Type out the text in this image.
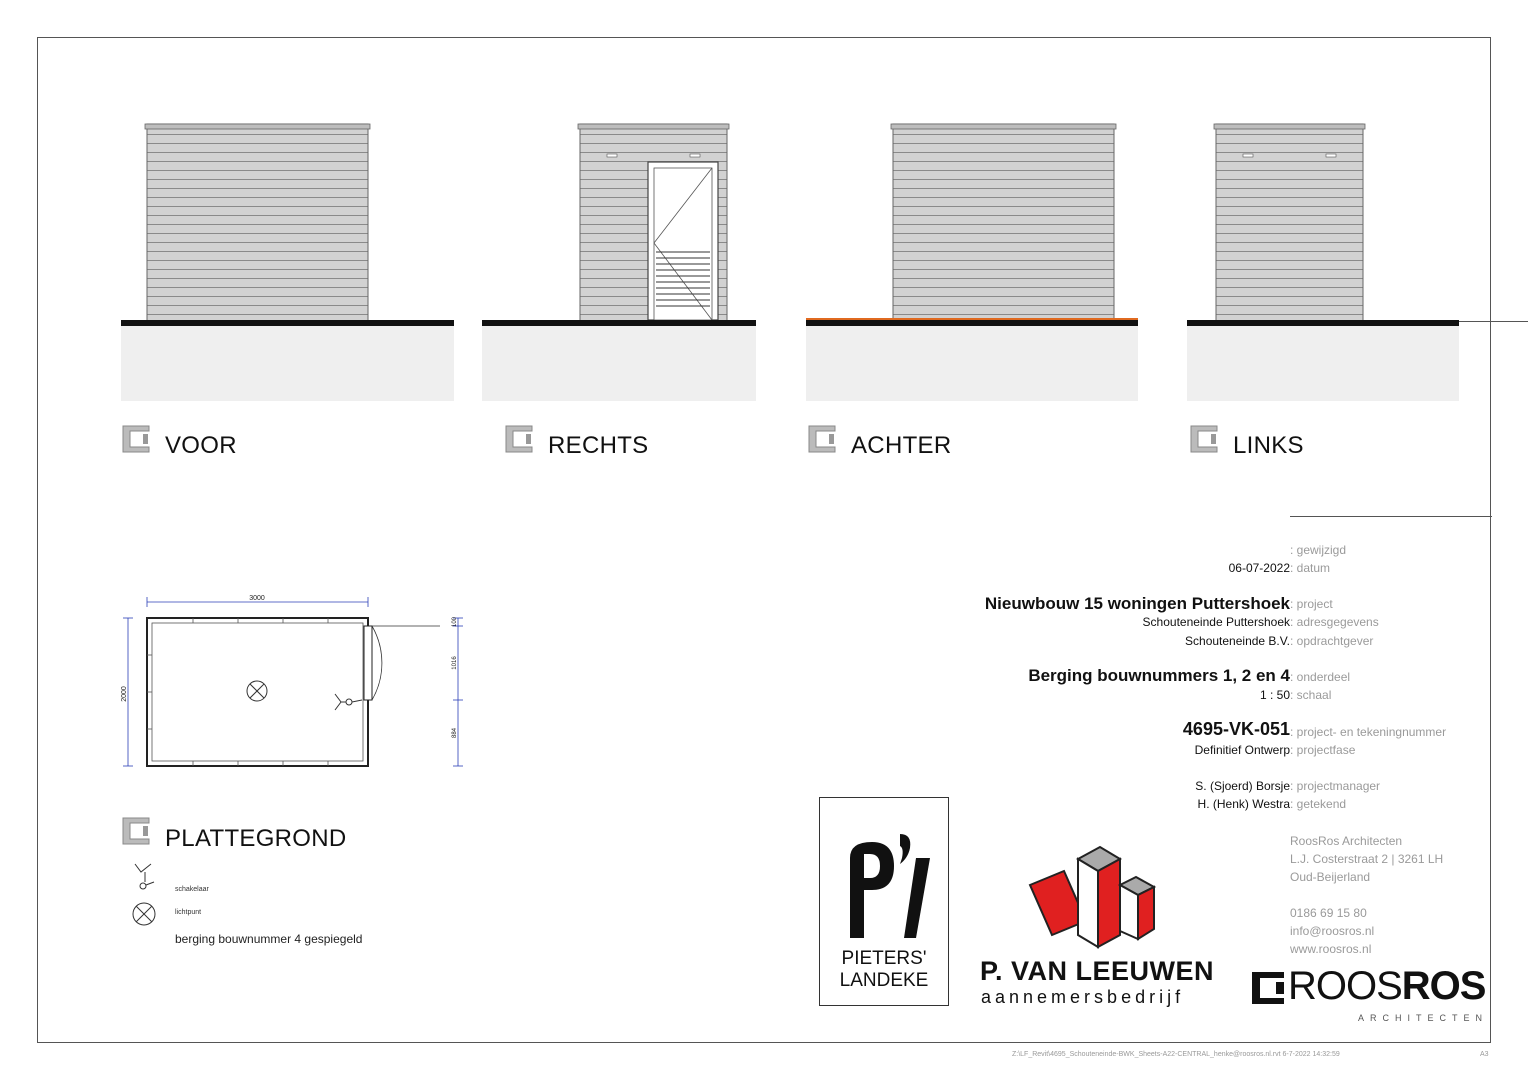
VOOR	RECHTS	ACHTER	LINKS
3000
2000
100
1016
884
PLATTEGROND
schakelaar
lichtpunt
berging bouwnummer 4 gespiegeld
: gewijzigd
06-07-2022 : datum
Nieuwbouw 15 woningen Puttershoek : project
Schouteneinde Puttershoek : adresgegevens
Schouteneinde B.V. : opdrachtgever
Berging bouwnummers 1, 2 en 4 : onderdeel
1 : 50 : schaal
4695-VK-051 : project- en tekeningnummer
Definitief Ontwerp : projectfase
S. (Sjoerd) Borsje : projectmanager
H. (Henk) Westra : getekend
RoosRos Architecten
L.J. Costerstraat 2 | 3261 LH
Oud-Beijerland
0186 69 15 80
info@roosros.nl
www.roosros.nl
PIETERS'
LANDEKE	P. VAN LEEUWEN
aannemersbedrijf	ROOSROS
ARCHITECTEN
Z:\LF_Revit\4695_Schouteneinde-BWK_Sheets-A22-CENTRAL_henke@roosros.nl.rvt 6-7-2022 14:32:59	A3
